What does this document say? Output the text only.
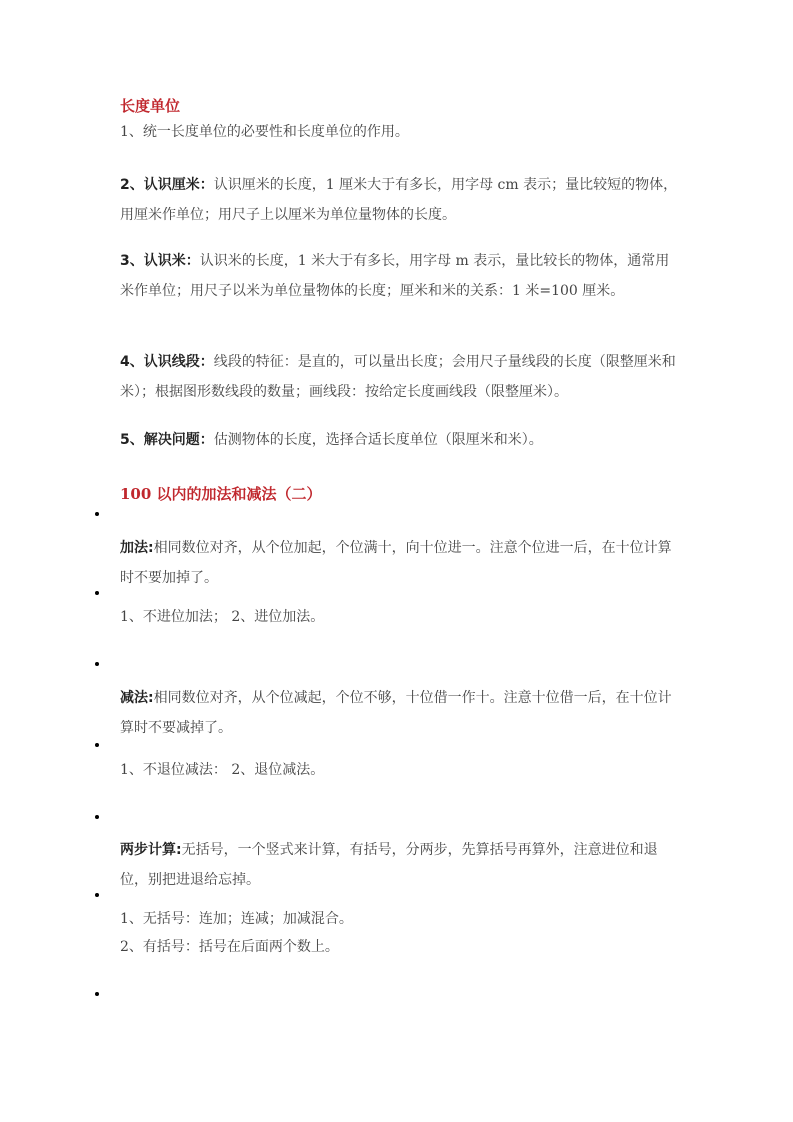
长度单位
1、统一长度单位的必要性和长度单位的作用。
2、认识厘米：认识厘米的长度，1 厘米大于有多长，用字母 cm 表示；量比较短的物体，用厘米作单位；用尺子上以厘米为单位量物体的长度。
3、认识米：认识米的长度，1 米大于有多长，用字母 m 表示，量比较长的物体，通常用米作单位；用尺子以米为单位量物体的长度；厘米和米的关系：1 米=100 厘米。
4、认识线段：线段的特征：是直的，可以量出长度；会用尺子量线段的长度（限整厘米和米）；根据图形数线段的数量；画线段：按给定长度画线段（限整厘米）。
5、解决问题：估测物体的长度，选择合适长度单位（限厘米和米）。
100 以内的加法和减法（二）
加法:相同数位对齐，从个位加起，个位满十，向十位进一。注意个位进一后，在十位计算时不要加掉了。
1、不进位加法； 2、进位加法。
减法:相同数位对齐，从个位减起，个位不够，十位借一作十。注意十位借一后，在十位计算时不要减掉了。
1、不退位减法： 2、退位减法。
两步计算:无括号，一个竖式来计算，有括号，分两步，先算括号再算外，注意进位和退位，别把进退给忘掉。
1、无括号：连加；连减；加减混合。
2、有括号：括号在后面两个数上。
